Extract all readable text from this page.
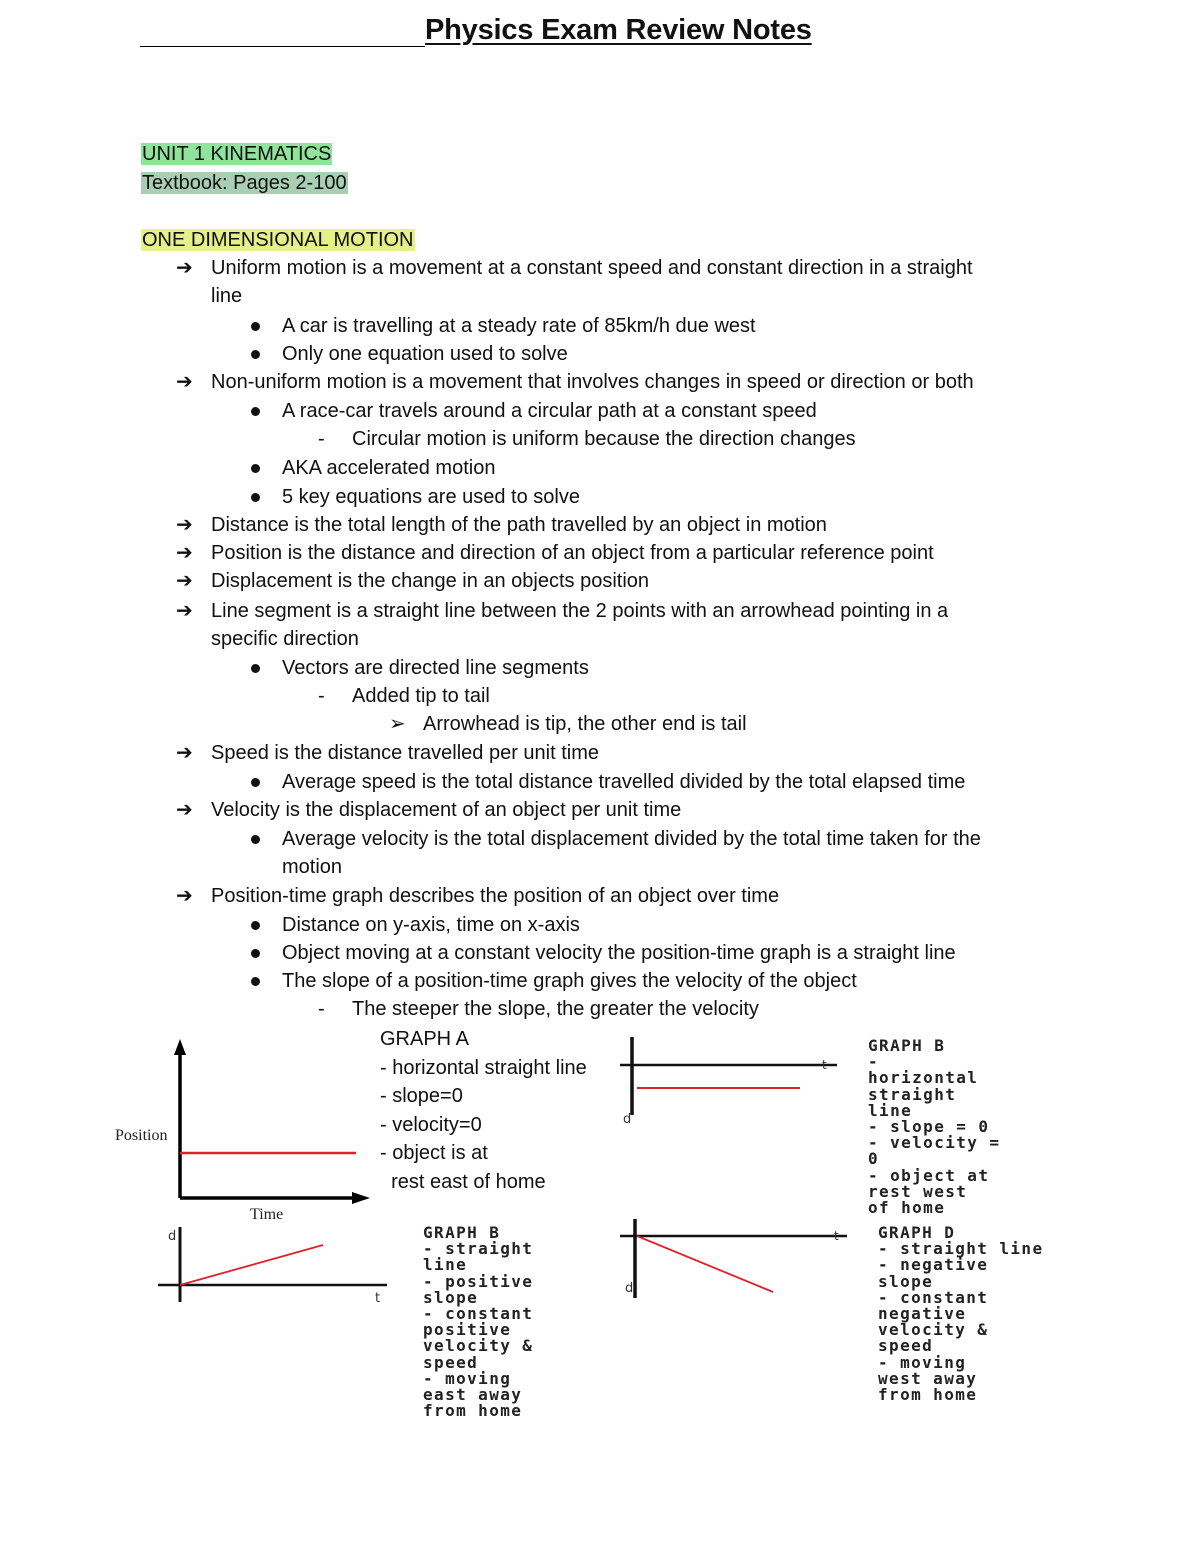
Physics Exam Review Notes
UNIT 1 KINEMATICS
Textbook: Pages 2-100
ONE DIMENSIONAL MOTION
➔ Uniform motion is a movement at a constant speed and constant direction in a straight
line
A car is travelling at a steady rate of 85km/h due west
Only one equation used to solve
➔ Non-uniform motion is a movement that involves changes in speed or direction or both
A race-car travels around a circular path at a constant speed
- Circular motion is uniform because the direction changes
AKA accelerated motion
5 key equations are used to solve
➔ Distance is the total length of the path travelled by an object in motion
➔ Position is the distance and direction of an object from a particular reference point
➔ Displacement is the change in an objects position
➔ Line segment is a straight line between the 2 points with an arrowhead pointing in a
specific direction
Vectors are directed line segments
- Added tip to tail
➢ Arrowhead is tip, the other end is tail
➔ Speed is the distance travelled per unit time
Average speed is the total distance travelled divided by the total elapsed time
➔ Velocity is the displacement of an object per unit time
Average velocity is the total displacement divided by the total time taken for the
motion
➔ Position-time graph describes the position of an object over time
Distance on y-axis, time on x-axis
Object moving at a constant velocity the position-time graph is a straight line
The slope of a position-time graph gives the velocity of the object
- The steeper the slope, the greater the velocity
Position
Time
GRAPH A
- horizontal straight line
- slope=0
- velocity=0
- object is at
rest east of home
t
d
GRAPH B
-
horizontal
straight
line
- slope = 0
- velocity =
0
- object at
rest west
of home
d
t
GRAPH B
- straight
line
- positive
slope
- constant
positive
velocity &
speed
- moving
east away
from home
t
d
GRAPH D
- straight line
- negative
slope
- constant
negative
velocity &
speed
- moving
west away
from home
